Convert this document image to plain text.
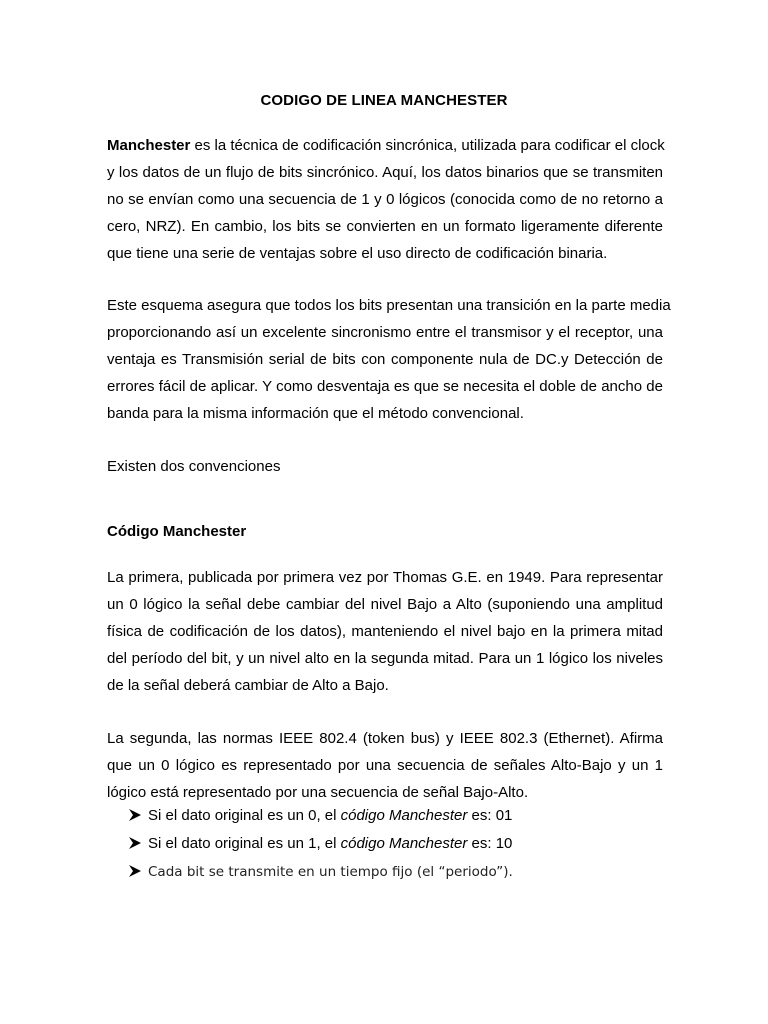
CODIGO DE LINEA MANCHESTER
Manchester es la técnica de codificación sincrónica, utilizada para codificar el clock
y los datos de un flujo de bits sincrónico. Aquí, los datos binarios que se transmiten
no se envían como una secuencia de 1 y 0 lógicos (conocida como de no retorno a
cero, NRZ). En cambio, los bits se convierten en un formato ligeramente diferente
que tiene una serie de ventajas sobre el uso directo de codificación binaria.
Este esquema asegura que todos los bits presentan una transición en la parte media
proporcionando así un excelente sincronismo entre el transmisor y el receptor, una
ventaja es Transmisión serial de bits con componente nula de DC.y Detección de
errores fácil de aplicar. Y como desventaja es que se necesita el doble de ancho de
banda para la misma información que el método convencional.
Existen dos convenciones
Código Manchester
La primera, publicada por primera vez por Thomas G.E. en 1949. Para representar
un 0 lógico la señal debe cambiar del nivel Bajo a Alto (suponiendo una amplitud
física de codificación de los datos), manteniendo el nivel bajo en la primera mitad
del período del bit, y un nivel alto en la segunda mitad. Para un 1 lógico los niveles
de la señal deberá cambiar de Alto a Bajo.
La segunda, las normas IEEE 802.4 (token bus) y IEEE 802.3 (Ethernet). Afirma
que un 0 lógico es representado por una secuencia de señales Alto-Bajo y un 1
lógico está representado por una secuencia de señal Bajo-Alto.
Si el dato original es un 0, el código Manchester es: 01
Si el dato original es un 1, el código Manchester es: 10
Cada bit se transmite en un tiempo fijo (el “periodo”).
